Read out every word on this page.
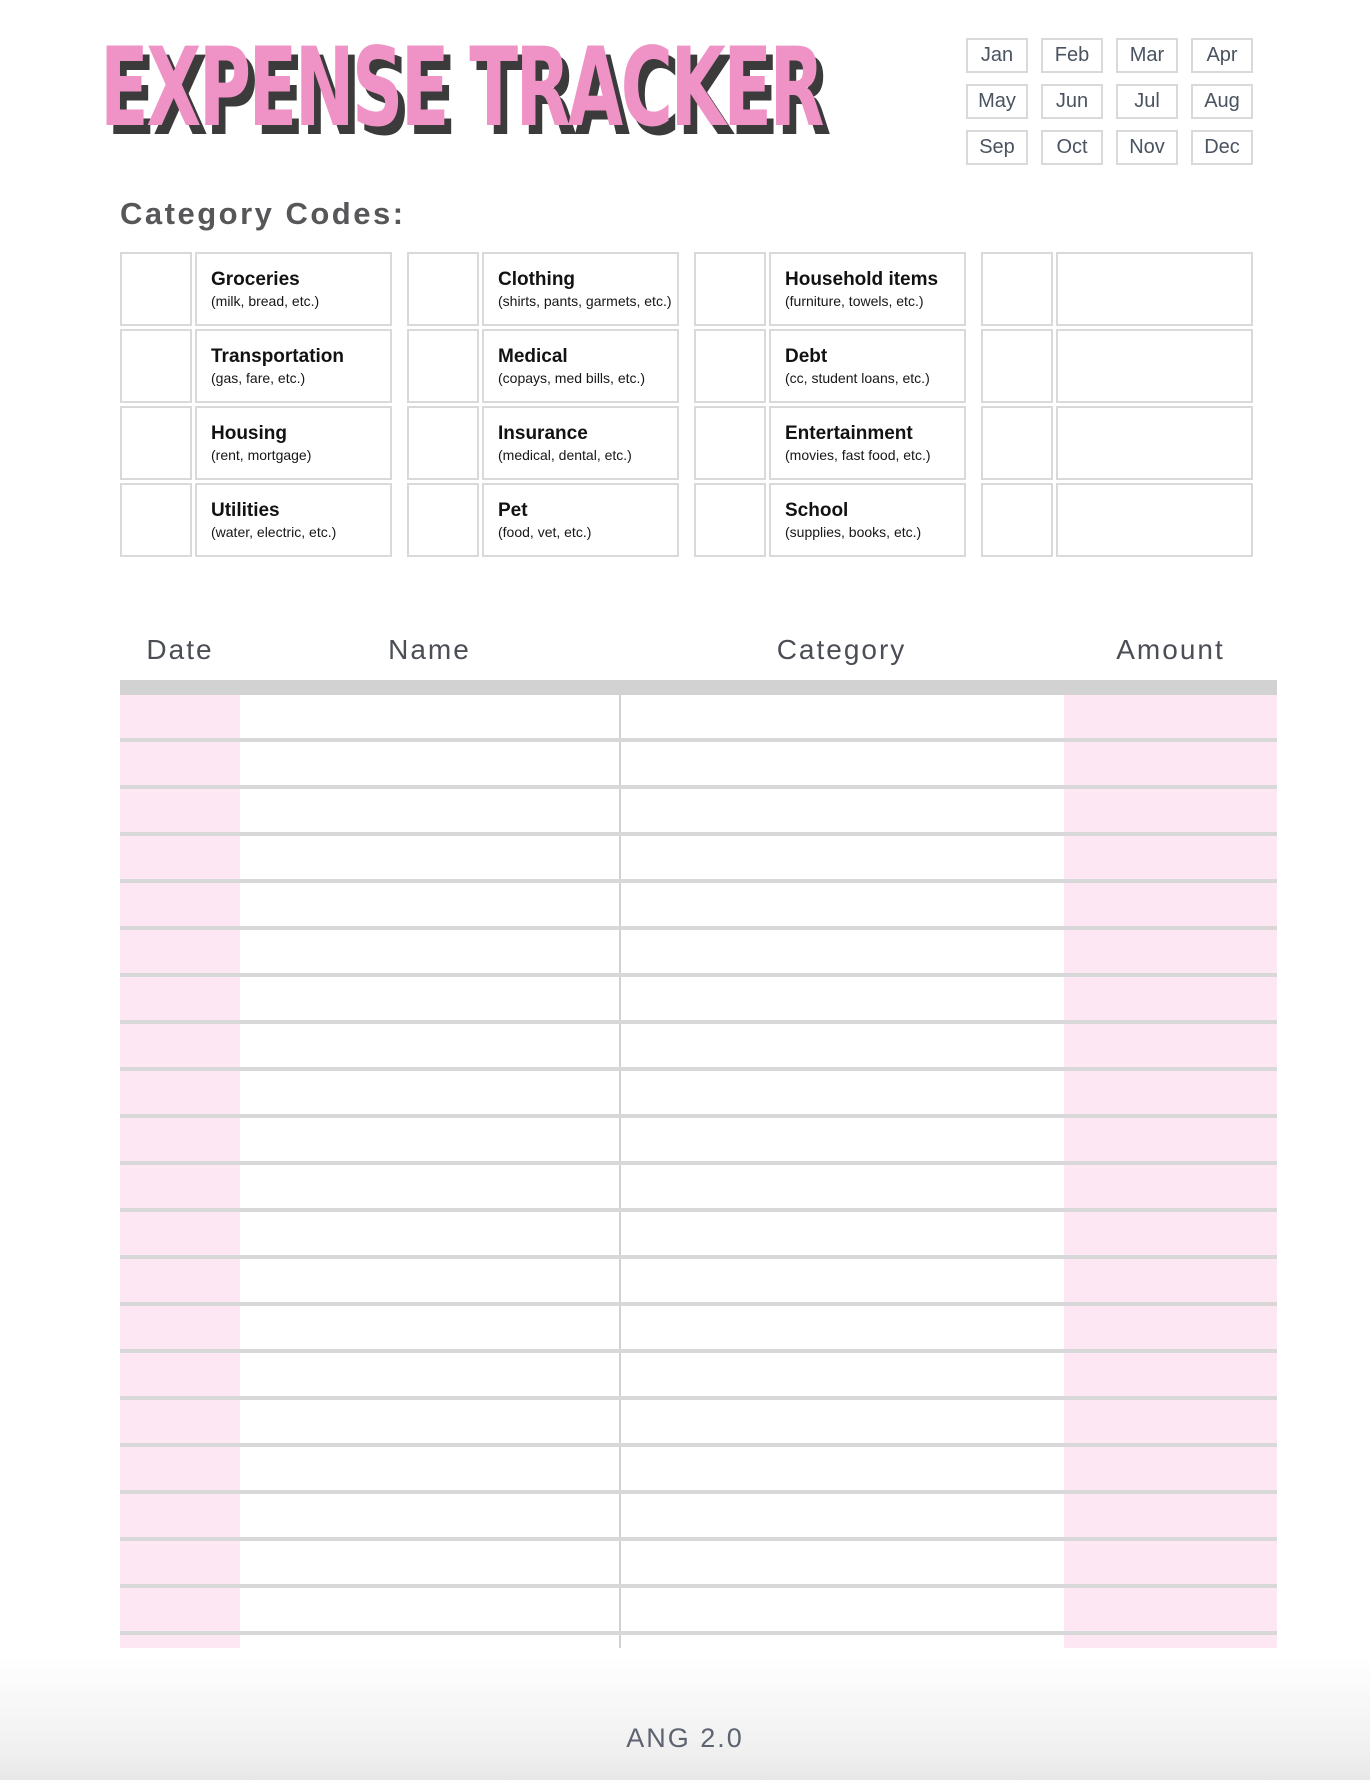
EXPENSE TRACKER	Jan	Feb	Mar	Apr
May	Jun	Jul	Aug
Sep	Oct	Nov	Dec
Category Codes:
Groceries
(milk, bread, etc.)
Transportation
(gas, fare, etc.)
Housing
(rent, mortgage)
Utilities
(water, electric, etc.)
Clothing
(shirts, pants, garmets, etc.)
Medical
(copays, med bills, etc.)
Insurance
(medical, dental, etc.)
Pet
(food, vet, etc.)
Household items
(furniture, towels, etc.)
Debt
(cc, student loans, etc.)
Entertainment
(movies, fast food, etc.)
School
(supplies, books, etc.)
Date	Name	Category	Amount
ANG 2.0
